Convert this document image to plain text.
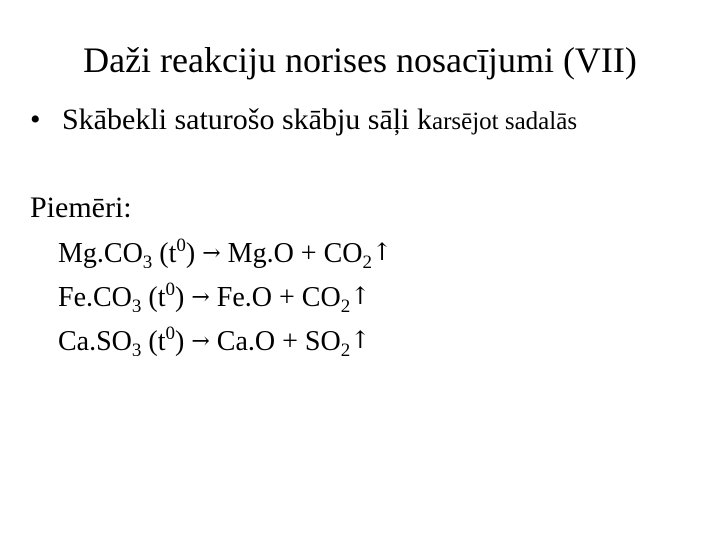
Daži reakciju norises nosacījumi (VII)
• Skābekli saturošo skābju sāļi karsējot sadalās
Piemēri:
$Mg.CO_3$ $(t^0) \to Mg.O$ + $CO_2↑$
$Fe.CO_3$ $(t^0) \to Fe.O$ + $CO_2↑$
$Ca.SO_3$ $(t^0) \to Ca.O$ + $SO_2↑$
